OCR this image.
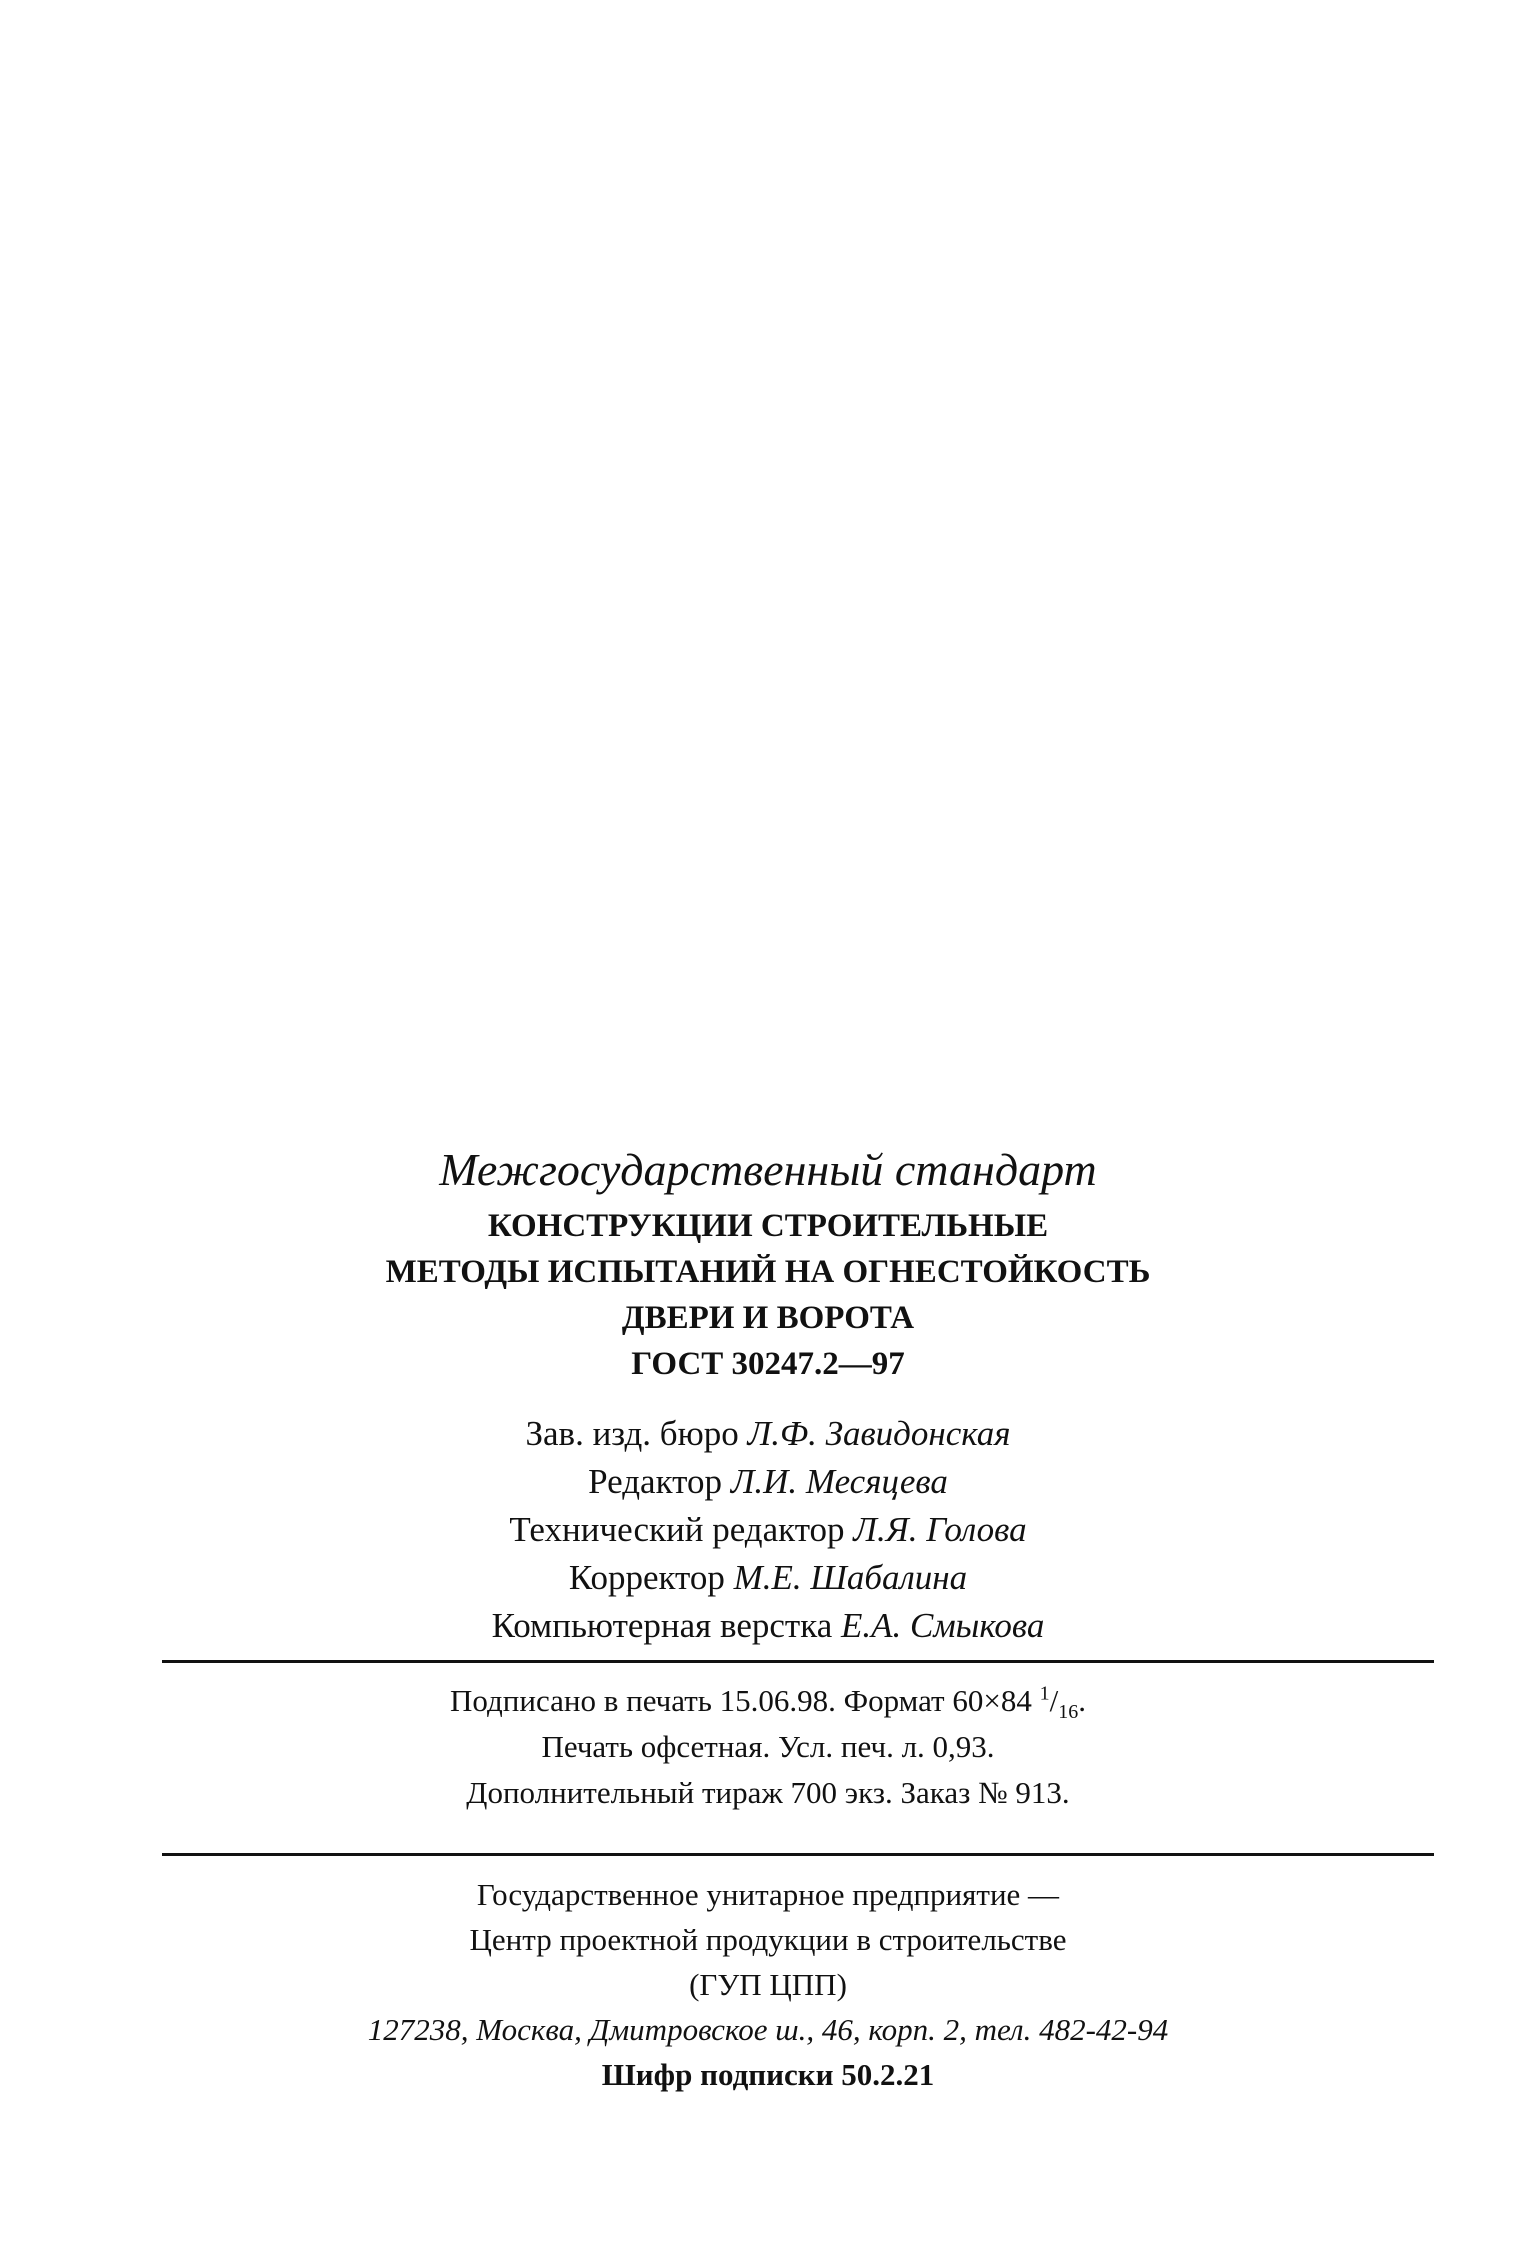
Межгосударственный стандарт
КОНСТРУКЦИИ СТРОИТЕЛЬНЫЕ
МЕТОДЫ ИСПЫТАНИЙ НА ОГНЕСТОЙКОСТЬ
ДВЕРИ И ВОРОТА
ГОСТ 30247.2—97
Зав. изд. бюро Л.Ф. Завидонская
Редактор Л.И. Месяцева
Технический редактор Л.Я. Голова
Корректор М.Е. Шабалина
Компьютерная верстка Е.А. Смыкова
Подписано в печать 15.06.98. Формат 60×84 $^1/_{16}$.
Печать офсетная. Усл. печ. л. 0,93.
Дополнительный тираж 700 экз. Заказ № 913.
Государственное унитарное предприятие —
Центр проектной продукции в строительстве
(ГУП ЦПП)
127238, Москва, Дмитровское ш., 46, корп. 2, тел. 482-42-94
Шифр подписки 50.2.21
